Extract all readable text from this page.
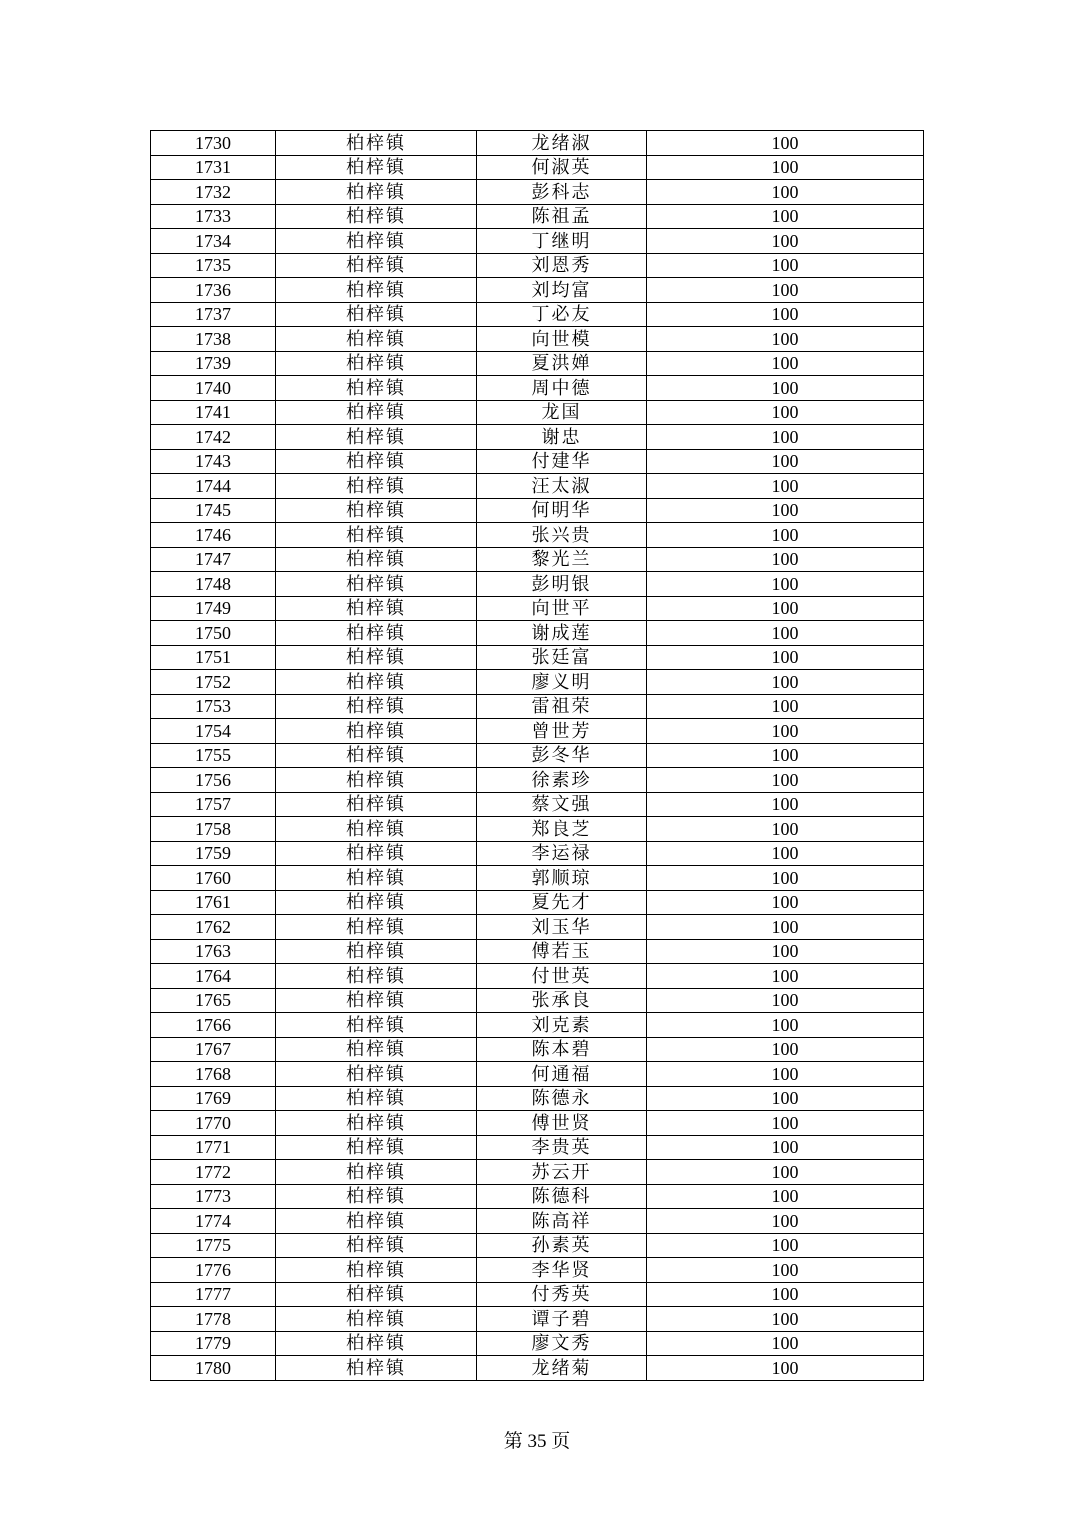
1730	柏梓镇	龙绪淑	100
1731	柏梓镇	何淑英	100
1732	柏梓镇	彭科志	100
1733	柏梓镇	陈祖孟	100
1734	柏梓镇	丁继明	100
1735	柏梓镇	刘恩秀	100
1736	柏梓镇	刘均富	100
1737	柏梓镇	丁必友	100
1738	柏梓镇	向世模	100
1739	柏梓镇	夏洪婵	100
1740	柏梓镇	周中德	100
1741	柏梓镇	龙国	100
1742	柏梓镇	谢忠	100
1743	柏梓镇	付建华	100
1744	柏梓镇	汪太淑	100
1745	柏梓镇	何明华	100
1746	柏梓镇	张兴贵	100
1747	柏梓镇	黎光兰	100
1748	柏梓镇	彭明银	100
1749	柏梓镇	向世平	100
1750	柏梓镇	谢成莲	100
1751	柏梓镇	张廷富	100
1752	柏梓镇	廖义明	100
1753	柏梓镇	雷祖荣	100
1754	柏梓镇	曾世芳	100
1755	柏梓镇	彭冬华	100
1756	柏梓镇	徐素珍	100
1757	柏梓镇	蔡文强	100
1758	柏梓镇	郑良芝	100
1759	柏梓镇	李运禄	100
1760	柏梓镇	郭顺琼	100
1761	柏梓镇	夏先才	100
1762	柏梓镇	刘玉华	100
1763	柏梓镇	傅若玉	100
1764	柏梓镇	付世英	100
1765	柏梓镇	张承良	100
1766	柏梓镇	刘克素	100
1767	柏梓镇	陈本碧	100
1768	柏梓镇	何通福	100
1769	柏梓镇	陈德永	100
1770	柏梓镇	傅世贤	100
1771	柏梓镇	李贵英	100
1772	柏梓镇	苏云开	100
1773	柏梓镇	陈德科	100
1774	柏梓镇	陈高祥	100
1775	柏梓镇	孙素英	100
1776	柏梓镇	李华贤	100
1777	柏梓镇	付秀英	100
1778	柏梓镇	谭子碧	100
1779	柏梓镇	廖文秀	100
1780	柏梓镇	龙绪菊	100
第 35 页
